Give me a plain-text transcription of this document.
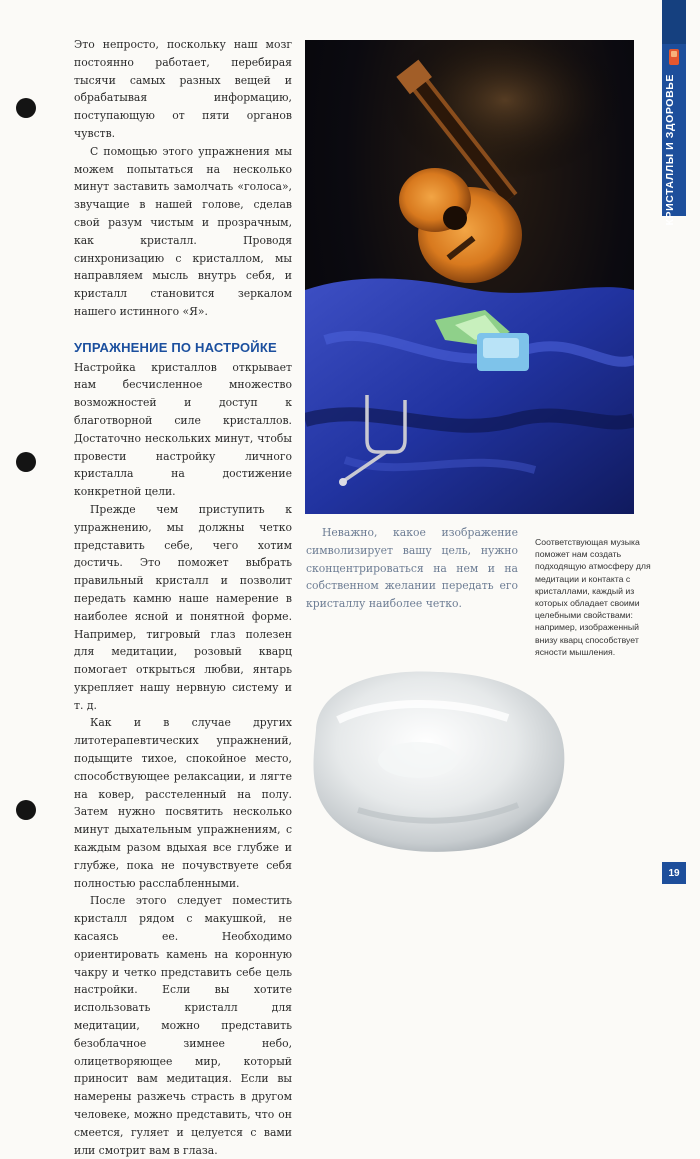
Это непросто, поскольку наш мозг постоянно работает, перебирая тысячи самых разных вещей и обрабатывая информацию, поступающую от пяти органов чувств.

С помощью этого упражнения мы можем попытаться на несколько минут заставить замолчать «голоса», звучащие в нашей голове, сделав свой разум чистым и прозрачным, как кристалл. Проводя синхронизацию с кристаллом, мы направляем мысль внутрь себя, и кристалл становится зеркалом нашего истинного «Я».

УПРАЖНЕНИЕ ПО НАСТРОЙКЕ

Настройка кристаллов открывает нам бесчисленное множество возможностей и доступ к благотворной силе кристаллов. Достаточно нескольких минут, чтобы провести настройку личного кристалла на достижение конкретной цели.

Прежде чем приступить к упражнению, мы должны четко представить себе, чего хотим достичь. Это поможет выбрать правильный кристалл и позволит передать камню наше намерение в наиболее ясной и понятной форме. Например, тигровый глаз полезен для медитации, розовый кварц помогает открыться любви, янтарь укрепляет нашу нервную систему и т. д.

Как и в случае других литотерапевтических упражнений, подыщите тихое, спокойное место, способствующее релаксации, и лягте на ковер, расстеленный на полу. Затем нужно посвятить несколько минут дыхательным упражнениям, с каждым разом вдыхая все глубже и глубже, пока не почувствуете себя полностью расслабленными.

После этого следует поместить кристалл рядом с макушкой, не касаясь ее. Необходимо ориентировать камень на коронную чакру и четко представить себе цель настройки. Если вы хотите использовать кристалл для медитации, можно представить безоблачное зимнее небо, олицетворяющее мир, который приносит вам медитация. Если вы намерены разжечь страсть в другом человеке, можно представить, что он смеется, гуляет и целуется с вами или смотрит вам в глаза.

Неважно, какое изображение символизирует вашу цель, нужно сконцентрироваться на нем и на собственном желании передать его кристаллу наиболее четко.

Соответствующая музыка поможет нам создать подходящую атмосферу для медитации и контакта с кристаллами, каждый из которых обладает своими целебными свойствами: например, изображенный внизу кварц способствует ясности мышления.
КРИСТАЛЛЫ И ЗДОРОВЬЕ
19
